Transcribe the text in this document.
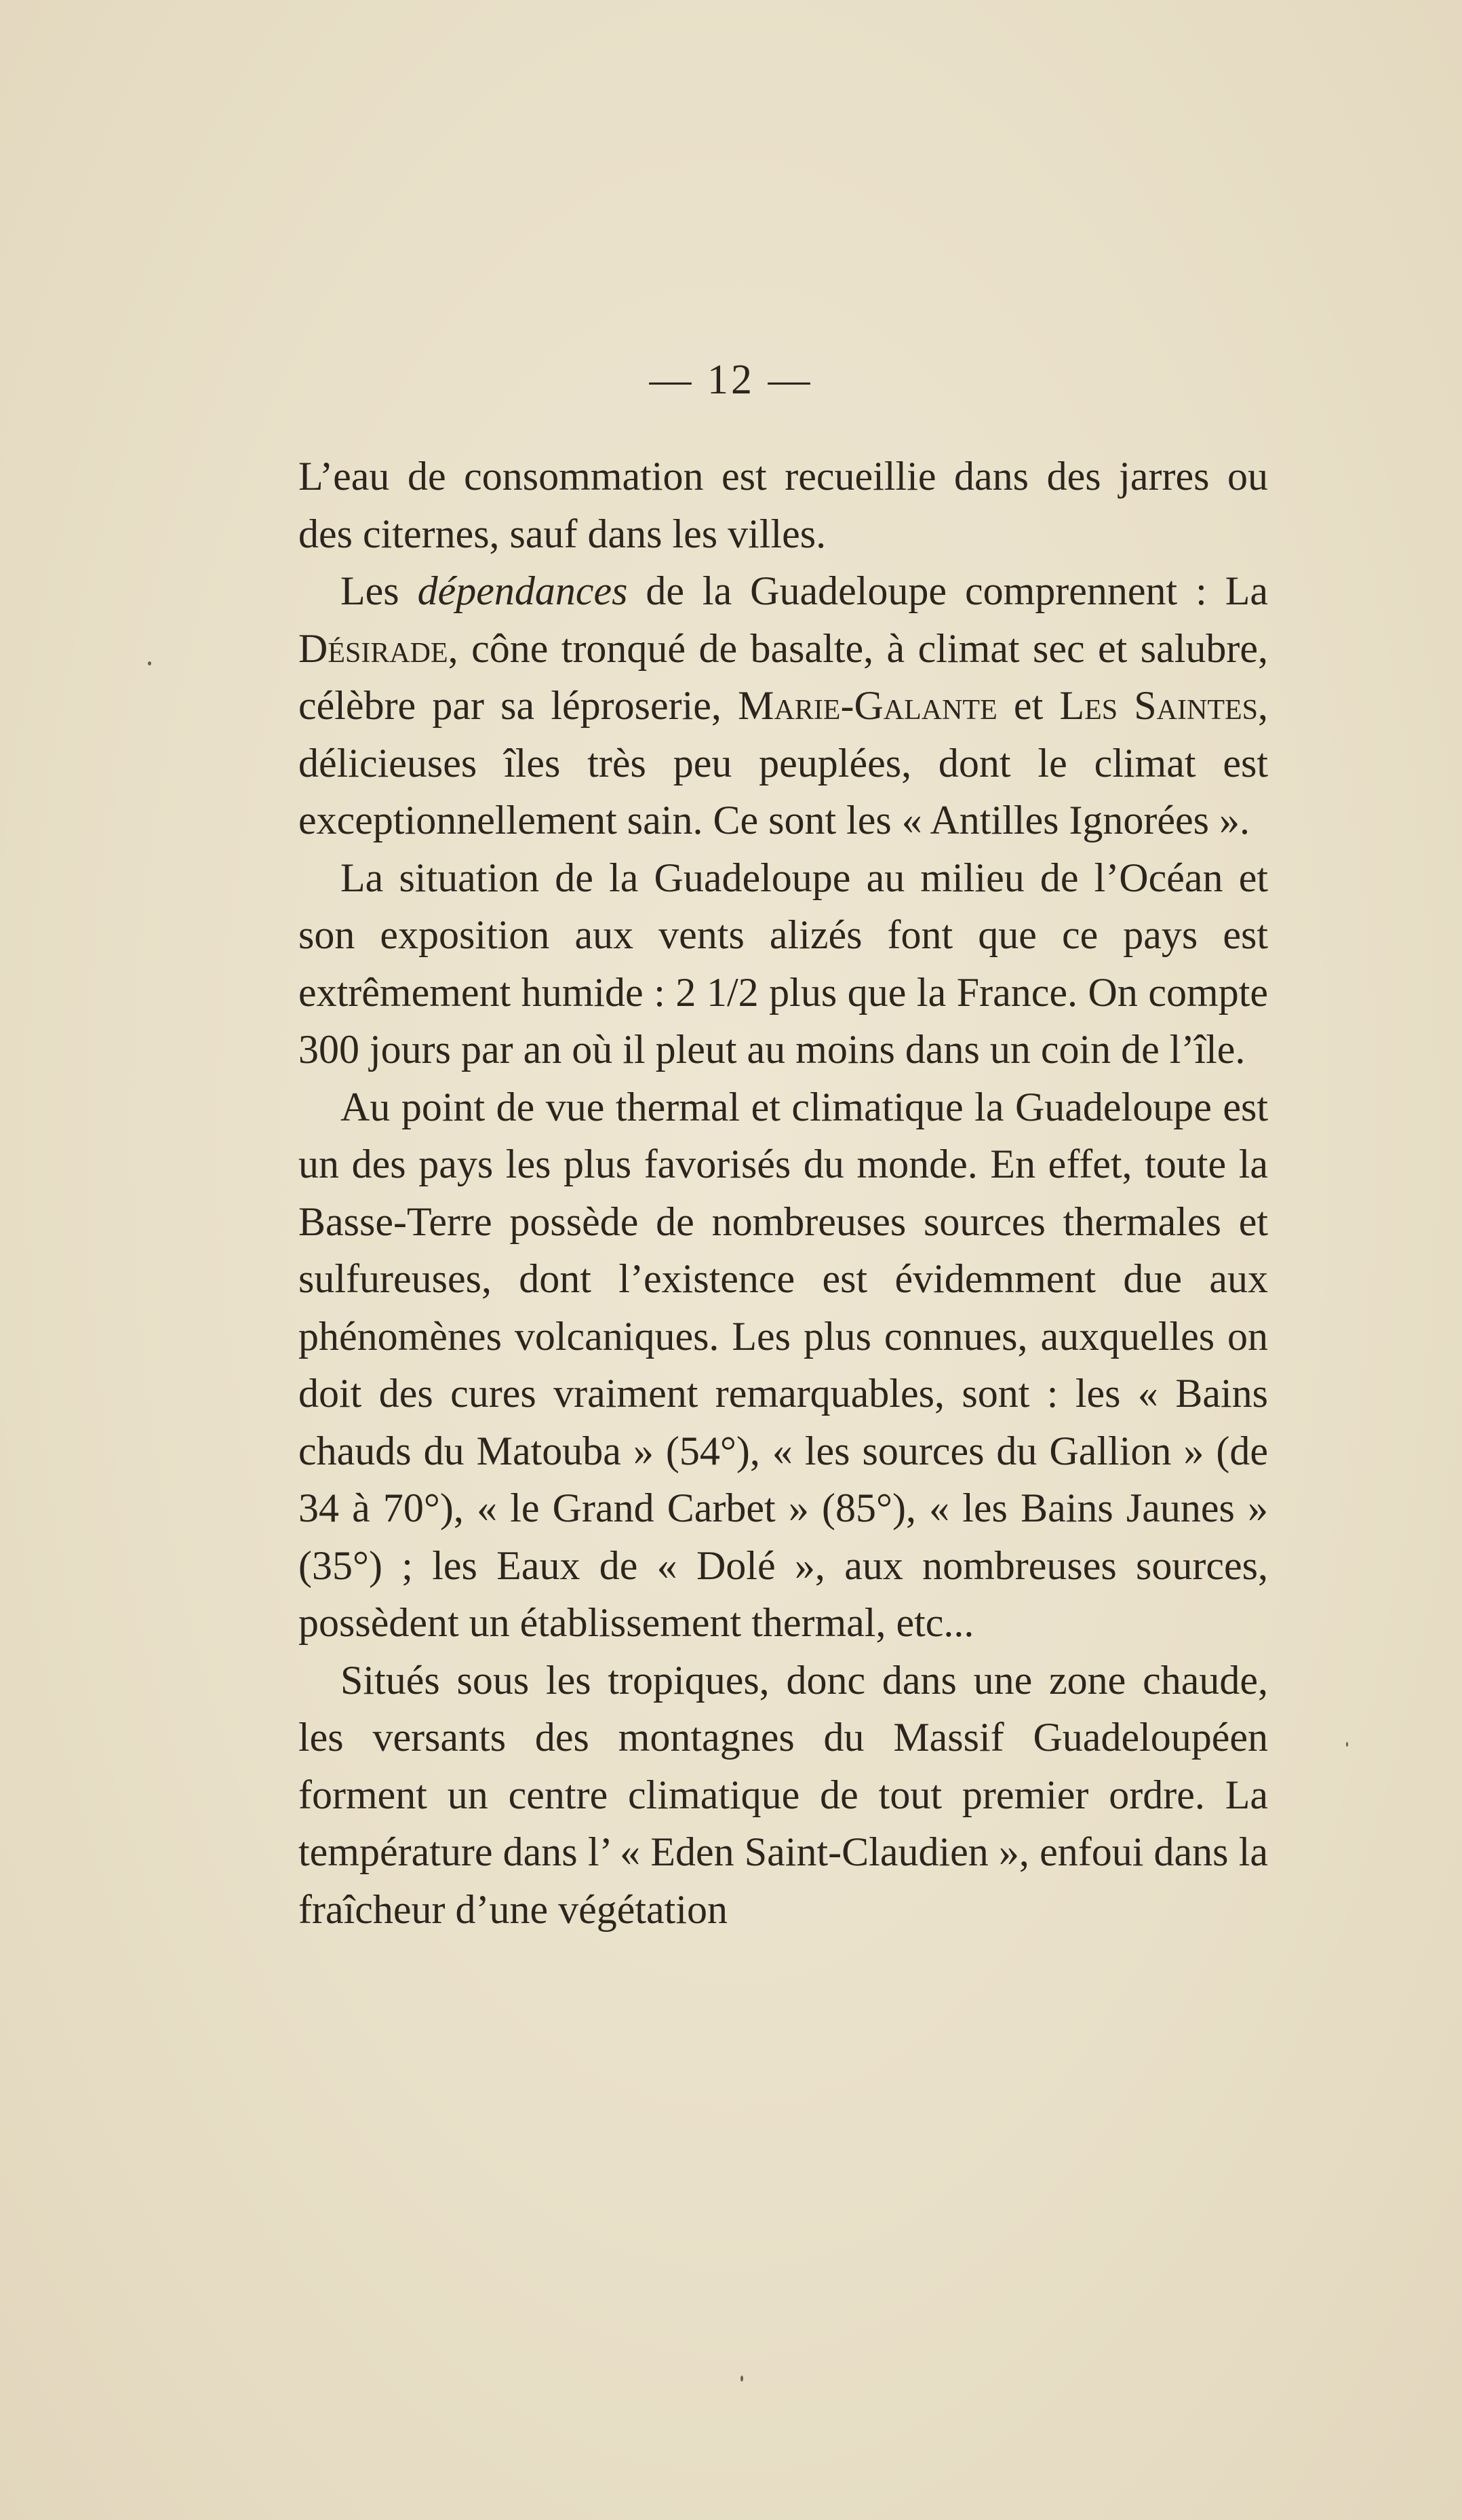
— 12 —

L’eau de consommation est recueillie dans des jarres ou des citernes, sauf dans les villes.

Les dépendances de la Guadeloupe comprennent : La Désirade, cône tronqué de basalte, à climat sec et salubre, célèbre par sa léproserie, Marie-Galante et Les Saintes, délicieuses îles très peu peuplées, dont le climat est exceptionnellement sain. Ce sont les « Antilles Ignorées ».

La situation de la Guadeloupe au milieu de l’Océan et son exposition aux vents alizés font que ce pays est extrêmement humide : 2 1/2 plus que la France. On compte 300 jours par an où il pleut au moins dans un coin de l’île.

Au point de vue thermal et climatique la Guadeloupe est un des pays les plus favorisés du monde. En effet, toute la Basse-Terre possède de nombreuses sources thermales et sulfureuses, dont l’existence est évidemment due aux phénomènes volcaniques. Les plus connues, auxquelles on doit des cures vraiment remarquables, sont : les « Bains chauds du Matouba » (54°), « les sources du Gallion » (de 34 à 70°), « le Grand Carbet » (85°), « les Bains Jaunes » (35°) ; les Eaux de « Dolé », aux nombreuses sources, possèdent un établissement thermal, etc...

Situés sous les tropiques, donc dans une zone chaude, les versants des montagnes du Massif Guadeloupéen forment un centre climatique de tout premier ordre. La température dans l’ « Eden Saint-Claudien », enfoui dans la fraîcheur d’une végétation
